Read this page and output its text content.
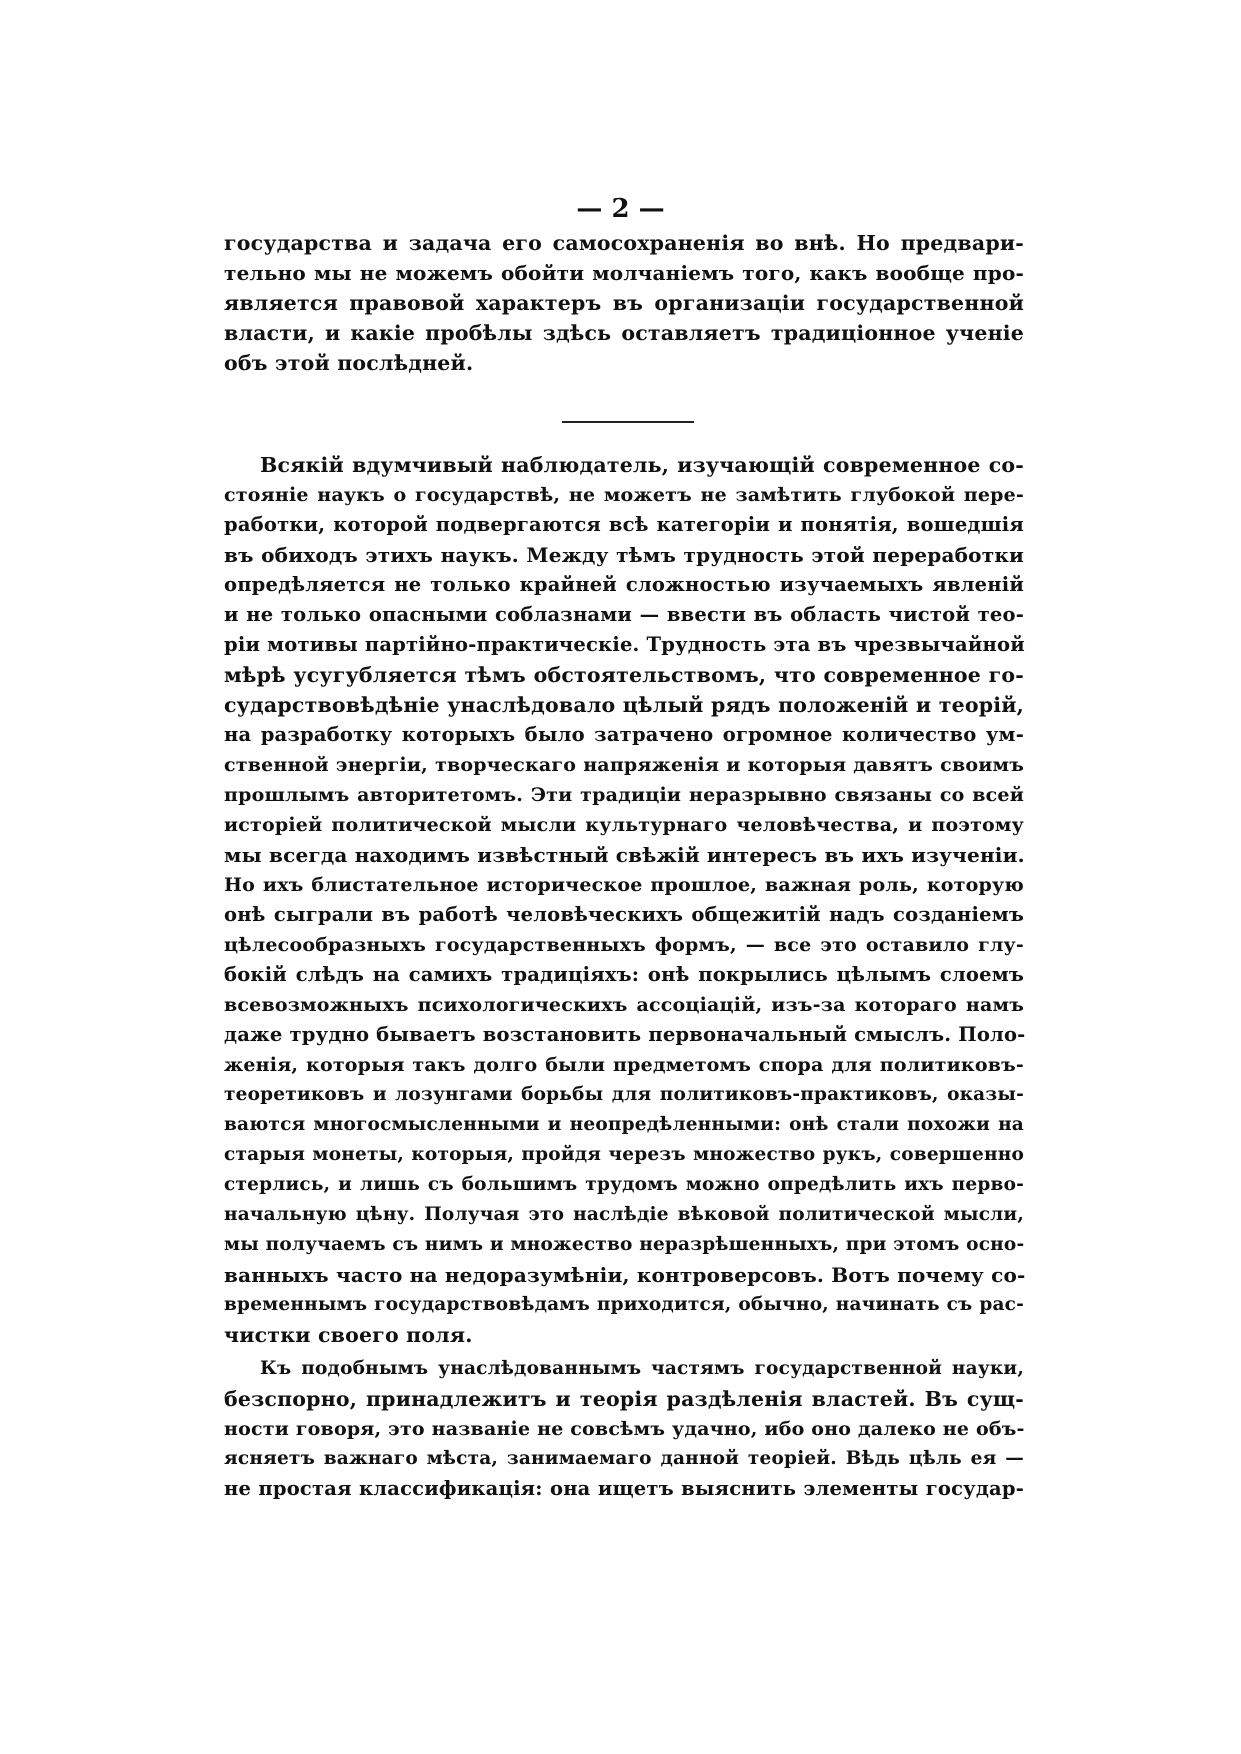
— 2 —
государства и задача его самосохраненія во внѣ. Но предвари-
тельно мы не можемъ обойти молчаніемъ того, какъ вообще про-
является правовой характеръ въ организаціи государственной
власти, и какіе пробѣлы здѣсь оставляетъ традиціонное ученіе
объ этой послѣдней.
Всякій вдумчивый наблюдатель, изучающій современное со-
стояніе наукъ о государствѣ, не можетъ не замѣтить глубокой пере-
работки, которой подвергаются всѣ категоріи и понятія, вошедшія
въ обиходъ этихъ наукъ. Между тѣмъ трудность этой переработки
опредѣляется не только крайней сложностью изучаемыхъ явленій
и не только опасными соблазнами — ввести въ область чистой тео-
ріи мотивы партійно-практическіе. Трудность эта въ чрезвычайной
мѣрѣ усугубляется тѣмъ обстоятельствомъ, что современное го-
сударствовѣдѣніе унаслѣдовало цѣлый рядъ положеній и теорій,
на разработку которыхъ было затрачено огромное количество ум-
ственной энергіи, творческаго напряженія и которыя давятъ своимъ
прошлымъ авторитетомъ. Эти традиціи неразрывно связаны со всей
исторіей политической мысли культурнаго человѣчества, и поэтому
мы всегда находимъ извѣстный свѣжій интересъ въ ихъ изученіи.
Но ихъ блистательное историческое прошлое, важная роль, которую
онѣ сыграли въ работѣ человѣческихъ общежитій надъ созданіемъ
цѣлесообразныхъ государственныхъ формъ, — все это оставило глу-
бокій слѣдъ на самихъ традиціяхъ: онѣ покрылись цѣлымъ слоемъ
всевозможныхъ психологическихъ ассоціацій, изъ-за котораго намъ
даже трудно бываетъ возстановить первоначальный смыслъ. Поло-
женія, которыя такъ долго были предметомъ спора для политиковъ-
теоретиковъ и лозунгами борьбы для политиковъ-практиковъ, оказы-
ваются многосмысленными и неопредѣленными: онѣ стали похожи на
старыя монеты, которыя, пройдя черезъ множество рукъ, совершенно
стерлись, и лишь съ большимъ трудомъ можно опредѣлить ихъ перво-
начальную цѣну. Получая это наслѣдіе вѣковой политической мысли,
мы получаемъ съ нимъ и множество неразрѣшенныхъ, при этомъ осно-
ванныхъ часто на недоразумѣніи, контроверсовъ. Вотъ почему со-
временнымъ государствовѣдамъ приходится, обычно, начинать съ рас-
чистки своего поля.
Къ подобнымъ унаслѣдованнымъ частямъ государственной науки,
безспорно, принадлежитъ и теорія раздѣленія властей. Въ сущ-
ности говоря, это названіе не совсѣмъ удачно, ибо оно далеко не объ-
ясняетъ важнаго мѣста, занимаемаго данной теоріей. Вѣдь цѣль ея —
не простая классификація: она ищетъ выяснить элементы государ-
